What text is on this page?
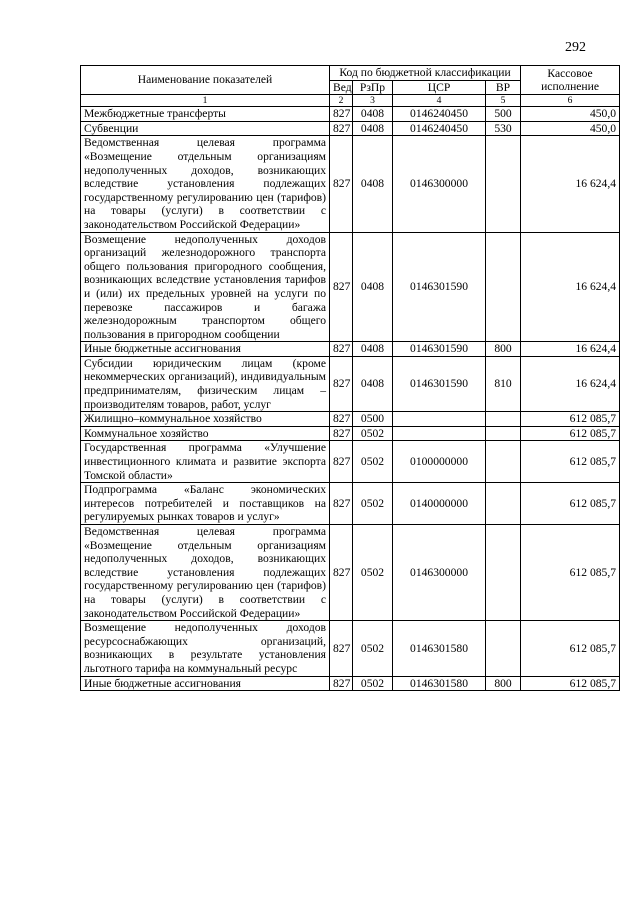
292
Наименование показателей	Код по бюджетной классификации				Кассовое исполнение
	Вед	РзПр	ЦСР	ВР	
1	2	3	4	5	6
Межбюджетные трансферты	827	0408	0146240450	500	450,0
Субвенции	827	0408	0146240450	530	450,0
Ведомственная целевая программа «Возмещение отдельным организациям недополученных доходов, возникающих вследствие установления подлежащих государственному регулированию цен (тарифов) на товары (услуги) в соответствии с законодательством Российской Федерации»	827	0408	0146300000		16 624,4
Возмещение недополученных доходов организаций железнодорожного транспорта общего пользования пригородного сообщения, возникающих вследствие установления тарифов и (или) их предельных уровней на услуги по перевозке пассажиров и багажа железнодорожным транспортом общего пользования в пригородном сообщении	827	0408	0146301590		16 624,4
Иные бюджетные ассигнования	827	0408	0146301590	800	16 624,4
Субсидии юридическим лицам (кроме некоммерческих организаций), индивидуальным предпринимателям, физическим лицам – производителям товаров, работ, услуг	827	0408	0146301590	810	16 624,4
Жилищно–коммунальное хозяйство	827	0500			612 085,7
Коммунальное хозяйство	827	0502			612 085,7
Государственная программа «Улучшение инвестиционного климата и развитие экспорта Томской области»	827	0502	0100000000		612 085,7
Подпрограмма «Баланс экономических интересов потребителей и поставщиков на регулируемых рынках товаров и услуг»	827	0502	0140000000		612 085,7
Ведомственная целевая программа «Возмещение отдельным организациям недополученных доходов, возникающих вследствие установления подлежащих государственному регулированию цен (тарифов) на товары (услуги) в соответствии с законодательством Российской Федерации»	827	0502	0146300000		612 085,7
Возмещение недополученных доходов ресурсоснабжающих организаций, возникающих в результате установления льготного тарифа на коммунальный ресурс	827	0502	0146301580		612 085,7
Иные бюджетные ассигнования	827	0502	0146301580	800	612 085,7
